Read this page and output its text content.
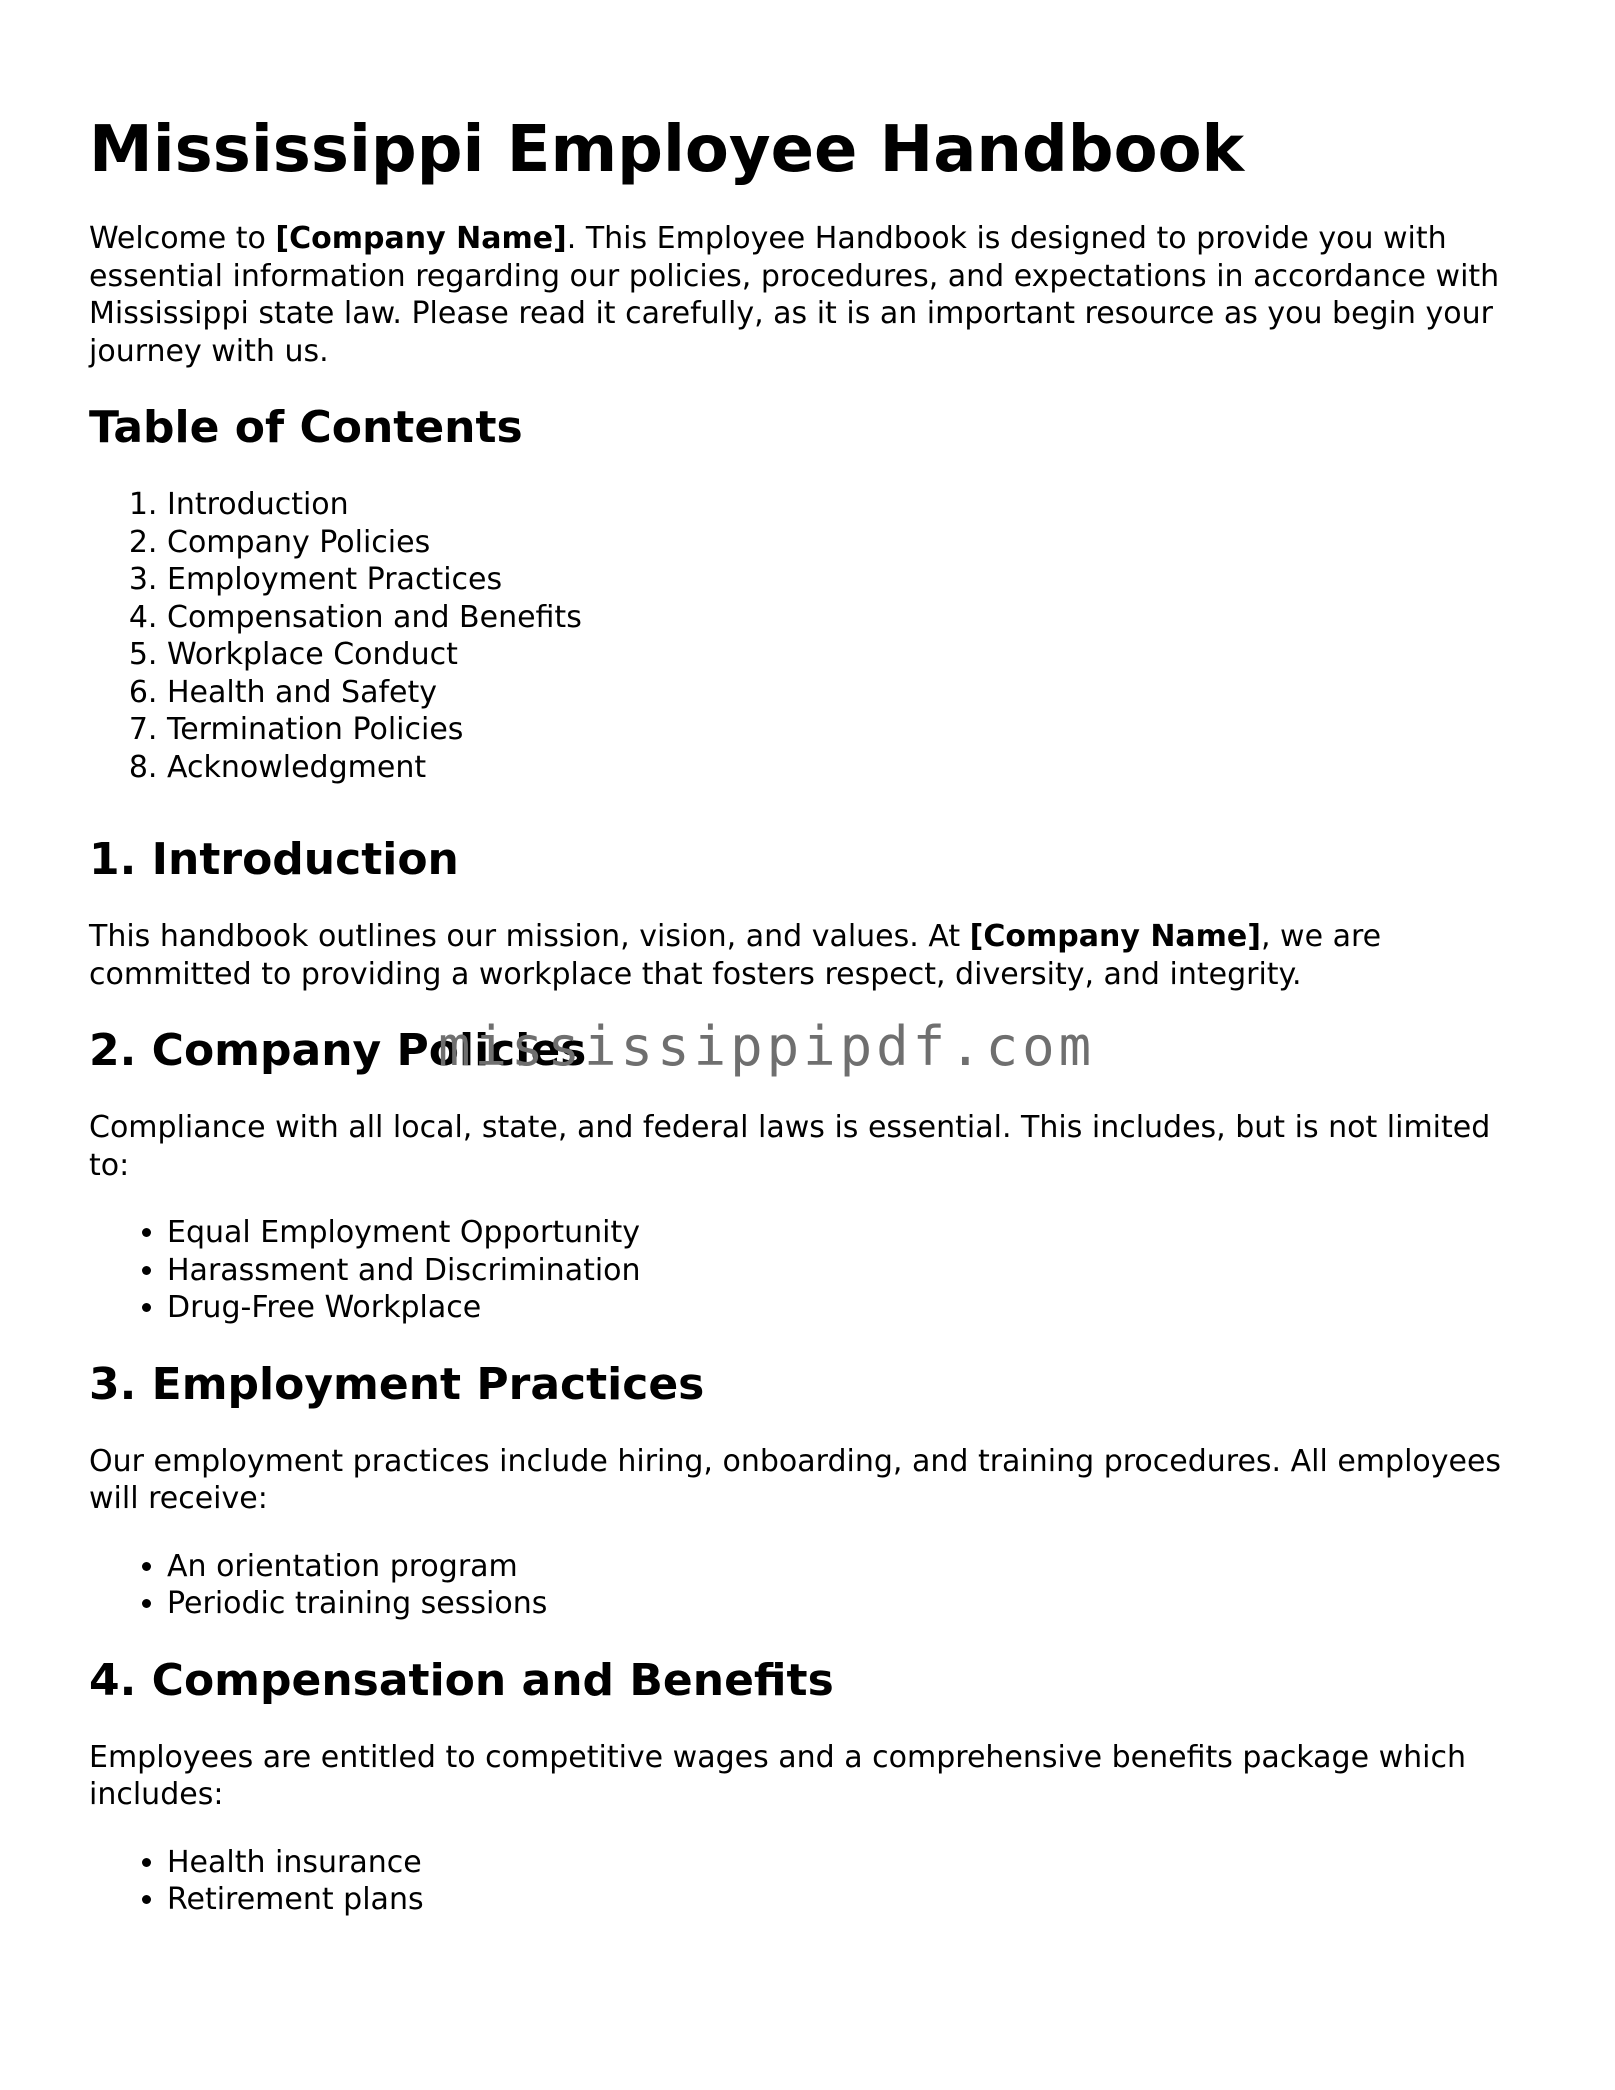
Mississippi Employee Handbook

Welcome to [Company Name]. This Employee Handbook is designed to provide you with essential information regarding our policies, procedures, and expectations in accordance with Mississippi state law. Please read it carefully, as it is an important resource as you begin your journey with us.

Table of Contents
1. Introduction
2. Company Policies
3. Employment Practices
4. Compensation and Benefits
5. Workplace Conduct
6. Health and Safety
7. Termination Policies
8. Acknowledgment
1. Introduction

This handbook outlines our mission, vision, and values. At [Company Name], we are committed to providing a workplace that fosters respect, diversity, and integrity.

2. Company Policies

Compliance with all local, state, and federal laws is essential. This includes, but is not limited to:

• Equal Employment Opportunity
• Harassment and Discrimination
• Drug-Free Workplace
3. Employment Practices

Our employment practices include hiring, onboarding, and training procedures. All employees will receive:

• An orientation program
• Periodic training sessions
4. Compensation and Benefits

Employees are entitled to competitive wages and a comprehensive benefits package which includes:

• Health insurance
• Retirement plans
mississippipdf.com
